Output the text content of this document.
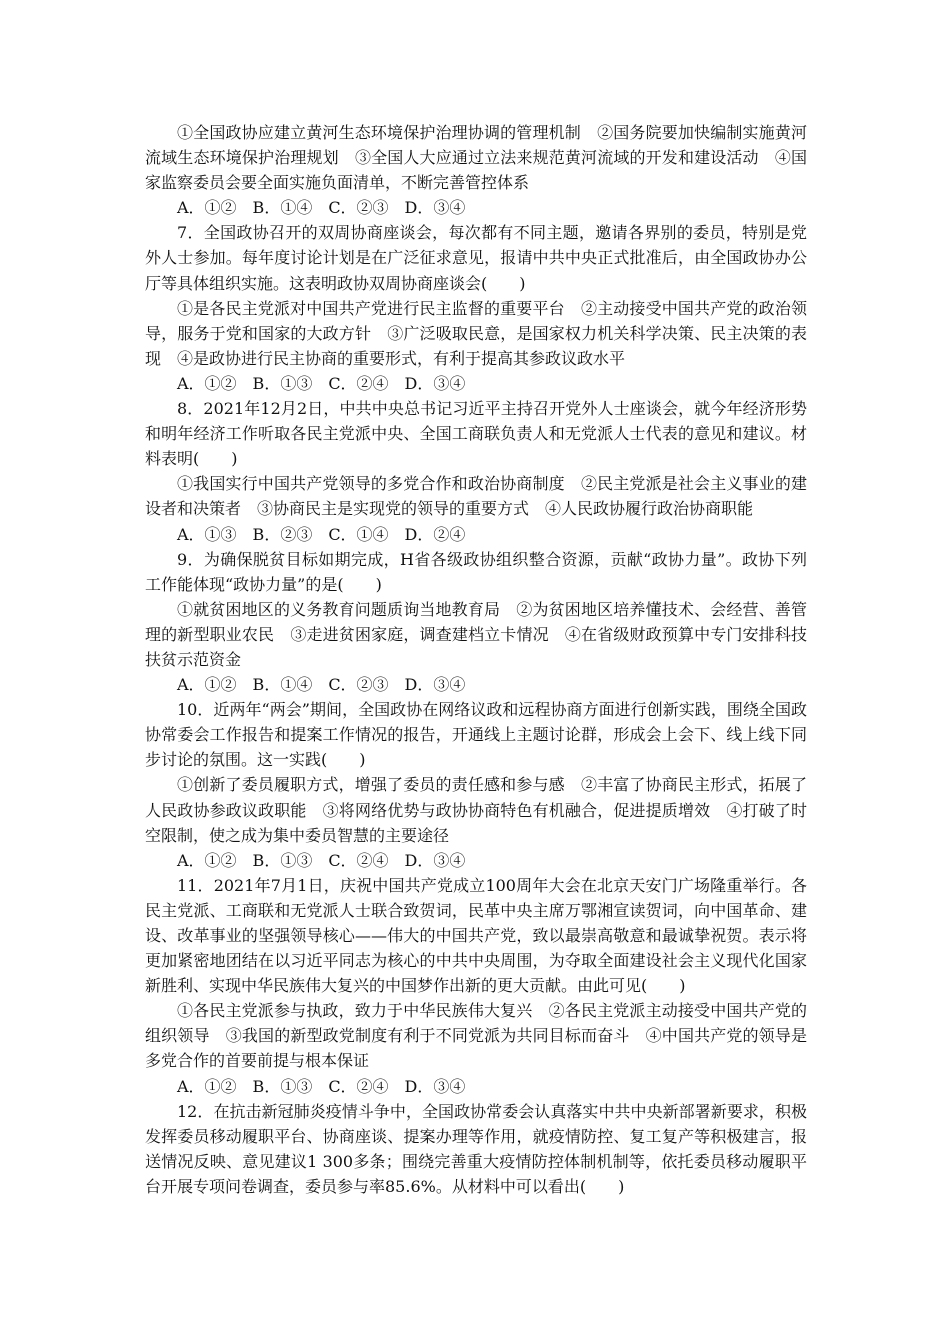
①全国政协应建立黄河生态环境保护治理协调的管理机制　②国务院要加快编制实施黄河流域生态环境保护治理规划　③全国人大应通过立法来规范黄河流域的开发和建设活动　④国家监察委员会要全面实施负面清单，不断完善管控体系

A．①②　B．①④　C．②③　D．③④

7．全国政协召开的双周协商座谈会，每次都有不同主题，邀请各界别的委员，特别是党外人士参加。每年度讨论计划是在广泛征求意见，报请中共中央正式批准后，由全国政协办公厅等具体组织实施。这表明政协双周协商座谈会(　　)

①是各民主党派对中国共产党进行民主监督的重要平台　②主动接受中国共产党的政治领导，服务于党和国家的大政方针　③广泛吸取民意，是国家权力机关科学决策、民主决策的表现　④是政协进行民主协商的重要形式，有利于提高其参政议政水平

A．①②　B．①③　C．②④　D．③④

8．2021年12月2日，中共中央总书记习近平主持召开党外人士座谈会，就今年经济形势和明年经济工作听取各民主党派中央、全国工商联负责人和无党派人士代表的意见和建议。材料表明(　　)

①我国实行中国共产党领导的多党合作和政治协商制度　②民主党派是社会主义事业的建设者和决策者　③协商民主是实现党的领导的重要方式　④人民政协履行政治协商职能

A．①③　B．②③　C．①④　D．②④

9．为确保脱贫目标如期完成，H省各级政协组织整合资源，贡献“政协力量”。政协下列工作能体现“政协力量”的是(　　)

①就贫困地区的义务教育问题质询当地教育局　②为贫困地区培养懂技术、会经营、善管理的新型职业农民　③走进贫困家庭，调查建档立卡情况　④在省级财政预算中专门安排科技扶贫示范资金

A．①②　B．①④　C．②③　D．③④

10．近两年“两会”期间，全国政协在网络议政和远程协商方面进行创新实践，围绕全国政协常委会工作报告和提案工作情况的报告，开通线上主题讨论群，形成会上会下、线上线下同步讨论的氛围。这一实践(　　)

①创新了委员履职方式，增强了委员的责任感和参与感　②丰富了协商民主形式，拓展了人民政协参政议政职能　③将网络优势与政协协商特色有机融合，促进提质增效　④打破了时空限制，使之成为集中委员智慧的主要途径

A．①②　B．①③　C．②④　D．③④

11．2021年7月1日，庆祝中国共产党成立100周年大会在北京天安门广场隆重举行。各民主党派、工商联和无党派人士联合致贺词，民革中央主席万鄂湘宣读贺词，向中国革命、建设、改革事业的坚强领导核心——伟大的中国共产党，致以最崇高敬意和最诚挚祝贺。表示将更加紧密地团结在以习近平同志为核心的中共中央周围，为夺取全面建设社会主义现代化国家新胜利、实现中华民族伟大复兴的中国梦作出新的更大贡献。由此可见(　　)

①各民主党派参与执政，致力于中华民族伟大复兴　②各民主党派主动接受中国共产党的组织领导　③我国的新型政党制度有利于不同党派为共同目标而奋斗　④中国共产党的领导是多党合作的首要前提与根本保证

A．①②　B．①③　C．②④　D．③④

12．在抗击新冠肺炎疫情斗争中，全国政协常委会认真落实中共中央新部署新要求，积极发挥委员移动履职平台、协商座谈、提案办理等作用，就疫情防控、复工复产等积极建言，报送情况反映、意见建议1 300多条；围绕完善重大疫情防控体制机制等，依托委员移动履职平台开展专项问卷调查，委员参与率85.6%。从材料中可以看出(　　)
